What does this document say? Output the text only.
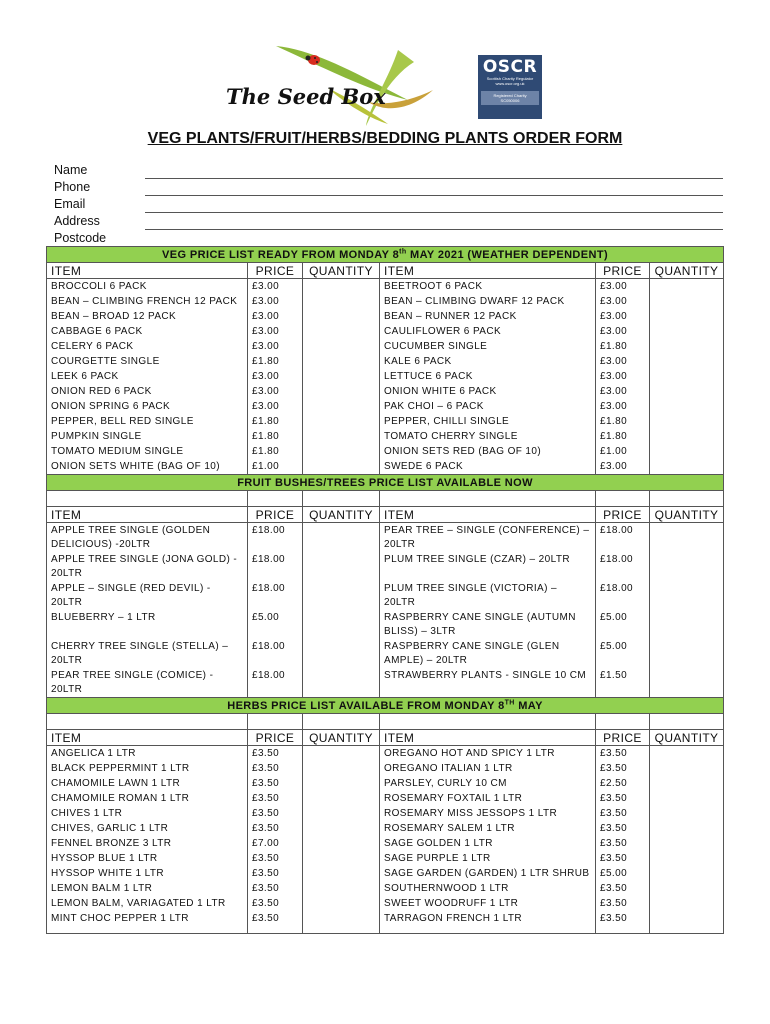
The Seed Box
OSCR
Scottish Charity Regulator
www.oscr.org.uk
Registered Charity
SC050006
VEG PLANTS/FRUIT/HERBS/BEDDING PLANTS ORDER FORM
Name
Phone
Email
Address
Postcode
VEG PRICE LIST READY FROM MONDAY 8th MAY 2021 (WEATHER DEPENDENT)					
ITEM	PRICE	QUANTITY	ITEM	PRICE	QUANTITY
BROCCOLI 6 PACK	£3.00		BEETROOT 6 PACK	£3.00	
BEAN – CLIMBING FRENCH 12 PACK	£3.00		BEAN – CLIMBING DWARF 12 PACK	£3.00	
BEAN – BROAD 12 PACK	£3.00		BEAN – RUNNER 12 PACK	£3.00	
CABBAGE 6 PACK	£3.00		CAULIFLOWER 6 PACK	£3.00	
CELERY 6 PACK	£3.00		CUCUMBER SINGLE	£1.80	
COURGETTE SINGLE	£1.80		KALE 6 PACK	£3.00	
LEEK 6 PACK	£3.00		LETTUCE 6 PACK	£3.00	
ONION RED 6 PACK	£3.00		ONION WHITE 6 PACK	£3.00	
ONION SPRING 6 PACK	£3.00		PAK CHOI – 6 PACK	£3.00	
PEPPER, BELL RED SINGLE	£1.80		PEPPER, CHILLI SINGLE	£1.80	
PUMPKIN SINGLE	£1.80		TOMATO CHERRY SINGLE	£1.80	
TOMATO MEDIUM SINGLE	£1.80		ONION SETS RED (BAG OF 10)	£1.00	
ONION SETS WHITE (BAG OF 10)	£1.00		SWEDE 6 PACK	£3.00	
FRUIT BUSHES/TREES PRICE LIST AVAILABLE NOW					

ITEM	PRICE	QUANTITY	ITEM	PRICE	QUANTITY
APPLE TREE SINGLE (GOLDEN DELICIOUS) -20LTR	£18.00		PEAR TREE – SINGLE (CONFERENCE) – 20LTR	£18.00	
APPLE TREE SINGLE (JONA GOLD) - 20LTR	£18.00		PLUM TREE SINGLE (CZAR) – 20LTR	£18.00	
APPLE – SINGLE (RED DEVIL) - 20LTR	£18.00		PLUM TREE SINGLE (VICTORIA) – 20LTR	£18.00	
BLUEBERRY – 1 LTR	£5.00		RASPBERRY CANE SINGLE (AUTUMN BLISS) – 3LTR	£5.00	
CHERRY TREE SINGLE (STELLA) – 20LTR	£18.00		RASPBERRY CANE SINGLE (GLEN AMPLE) – 20LTR	£5.00	
PEAR TREE SINGLE (COMICE) - 20LTR	£18.00		STRAWBERRY PLANTS - SINGLE 10 CM	£1.50	
HERBS PRICE LIST AVAILABLE FROM MONDAY 8TH MAY					

ITEM	PRICE	QUANTITY	ITEM	PRICE	QUANTITY
ANGELICA 1 LTR	£3.50		OREGANO HOT AND SPICY 1 LTR	£3.50	
BLACK PEPPERMINT 1 LTR	£3.50		OREGANO ITALIAN 1 LTR	£3.50	
CHAMOMILE LAWN 1 LTR	£3.50		PARSLEY, CURLY 10 CM	£2.50	
CHAMOMILE ROMAN 1 LTR	£3.50		ROSEMARY FOXTAIL 1 LTR	£3.50	
CHIVES 1 LTR	£3.50		ROSEMARY MISS JESSOPS 1 LTR	£3.50	
CHIVES, GARLIC 1 LTR	£3.50		ROSEMARY SALEM 1 LTR	£3.50	
FENNEL BRONZE 3 LTR	£7.00		SAGE GOLDEN 1 LTR	£3.50	
HYSSOP BLUE 1 LTR	£3.50		SAGE PURPLE 1 LTR	£3.50	
HYSSOP WHITE 1 LTR	£3.50		SAGE GARDEN (GARDEN) 1 LTR SHRUB	£5.00	
LEMON BALM 1 LTR	£3.50		SOUTHERNWOOD 1 LTR	£3.50	
LEMON BALM, VARIAGATED 1 LTR	£3.50		SWEET WOODRUFF 1 LTR	£3.50	
MINT CHOC PEPPER 1 LTR	£3.50		TARRAGON FRENCH 1 LTR	£3.50	
